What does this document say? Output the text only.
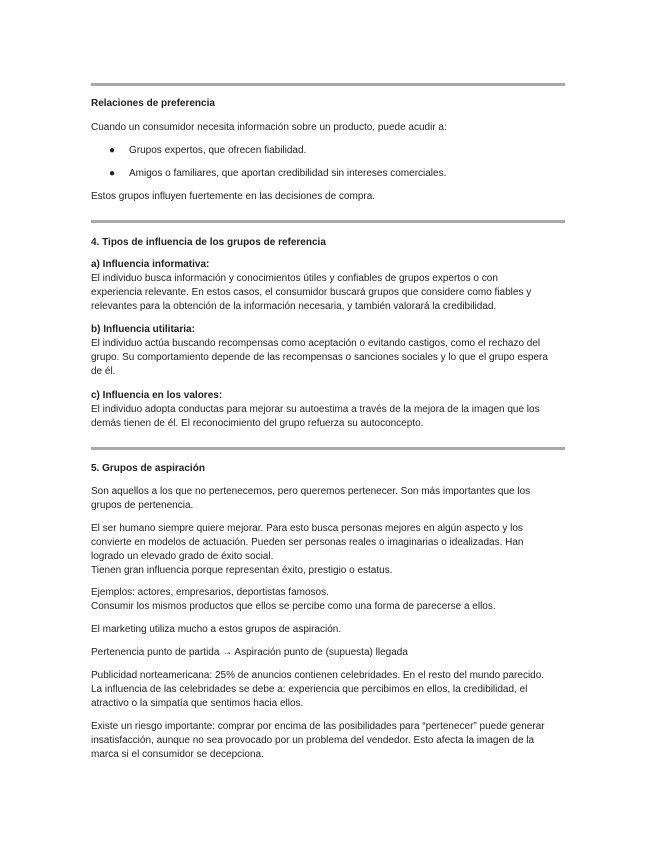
Relaciones de preferencia
Cuando un consumidor necesita información sobre un producto, puede acudir a:
● Grupos expertos, que ofrecen fiabilidad.
● Amigos o familiares, que aportan credibilidad sin intereses comerciales.
Estos grupos influyen fuertemente en las decisiones de compra.
4. Tipos de influencia de los grupos de referencia
a) Influencia informativa:
El individuo busca información y conocimientos útiles y confiables de grupos expertos o con
experiencia relevante. En estos casos, el consumidor buscará grupos que considere como fiables y
relevantes para la obtención de la información necesaria, y también valorará la credibilidad.
b) Influencia utilitaria:
El individuo actúa buscando recompensas como aceptación o evitando castigos, como el rechazo del
grupo. Su comportamiento depende de las recompensas o sanciones sociales y lo que el grupo espera
de él.
c) Influencia en los valores:
El individuo adopta conductas para mejorar su autoestima a través de la mejora de la imagen que los
demás tienen de él. El reconocimiento del grupo refuerza su autoconcepto.
5. Grupos de aspiración
Son aquellos a los que no pertenecemos, pero queremos pertenecer. Son más importantes que los
grupos de pertenencia.
El ser humano siempre quiere mejorar. Para esto busca personas mejores en algún aspecto y los
convierte en modelos de actuación. Pueden ser personas reales o imaginarias o idealizadas. Han
logrado un elevado grado de éxito social.
Tienen gran influencia porque representan éxito, prestigio o estatus.
Ejemplos: actores, empresarios, deportistas famosos.
Consumir los mismos productos que ellos se percibe como una forma de parecerse a ellos.
El marketing utiliza mucho a estos grupos de aspiración.
Pertenencia punto de partida → Aspiración punto de (supuesta) llegada
Publicidad norteamericana: 25% de anuncios contienen celebridades. En el resto del mundo parecido.
La influencia de las celebridades se debe a: experiencia que percibimos en ellos, la credibilidad, el
atractivo o la simpatía que sentimos hacia ellos.
Existe un riesgo importante: comprar por encima de las posibilidades para “pertenecer” puede generar
insatisfacción, aunque no sea provocado por un problema del vendedor. Esto afecta la imagen de la
marca si el consumidor se decepciona.
